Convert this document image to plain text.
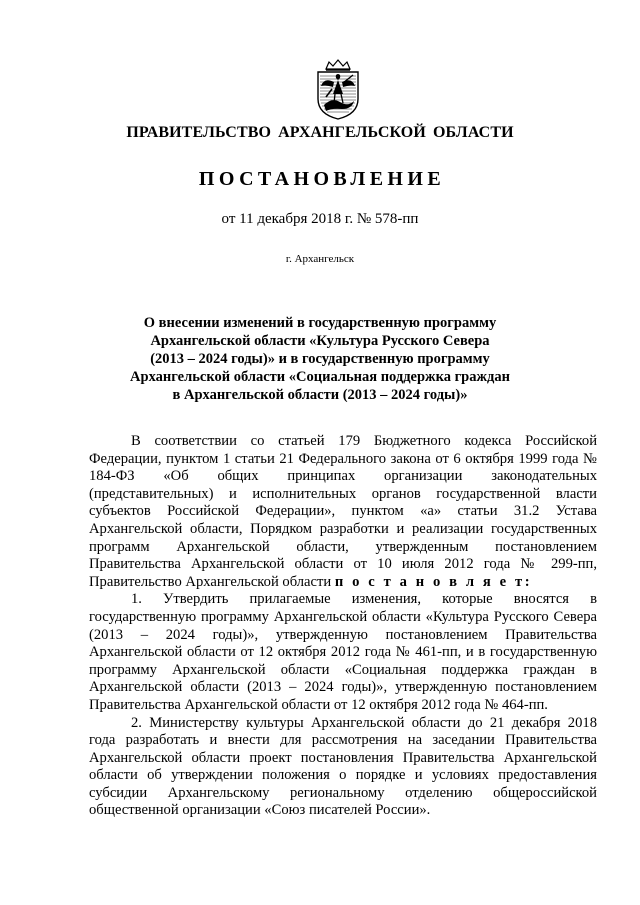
ПРАВИТЕЛЬСТВО АРХАНГЕЛЬСКОЙ ОБЛАСТИ
ПОСТАНОВЛЕНИЕ
от 11 декабря 2018 г. № 578-пп
г. Архангельск
О внесении изменений в государственную программу
Архангельской области «Культура Русского Севера
(2013 – 2024 годы)» и в государственную программу
Архангельской области «Социальная поддержка граждан
в Архангельской области (2013 – 2024 годы)»

В соответствии со статьей 179 Бюджетного кодекса Российской Федерации, пунктом 1 статьи 21 Федерального закона от 6 октября 1999 года № 184-ФЗ «Об общих принципах организации законодательных (представительных) и исполнительных органов государственной власти субъектов Российской Федерации», пунктом «а» статьи 31.2 Устава Архангельской области, Порядком разработки и реализации государственных программ Архангельской области, утвержденным постановлением Правительства Архангельской области от 10 июля 2012 года № 299-пп, Правительство Архангельской области п о с т а н о в л я е т:

1. Утвердить прилагаемые изменения, которые вносятся в государственную программу Архангельской области «Культура Русского Севера (2013 – 2024 годы)», утвержденную постановлением Правительства Архангельской области от 12 октября 2012 года № 461-пп, и в государственную программу Архангельской области «Социальная поддержка граждан в Архангельской области (2013 – 2024 годы)», утвержденную постановлением Правительства Архангельской области от 12 октября 2012 года № 464-пп.

2. Министерству культуры Архангельской области до 21 декабря 2018 года разработать и внести для рассмотрения на заседании Правительства Архангельской области проект постановления Правительства Архангельской области об утверждении положения о порядке и условиях предоставления субсидии Архангельскому региональному отделению общероссийской общественной организации «Союз писателей России».
